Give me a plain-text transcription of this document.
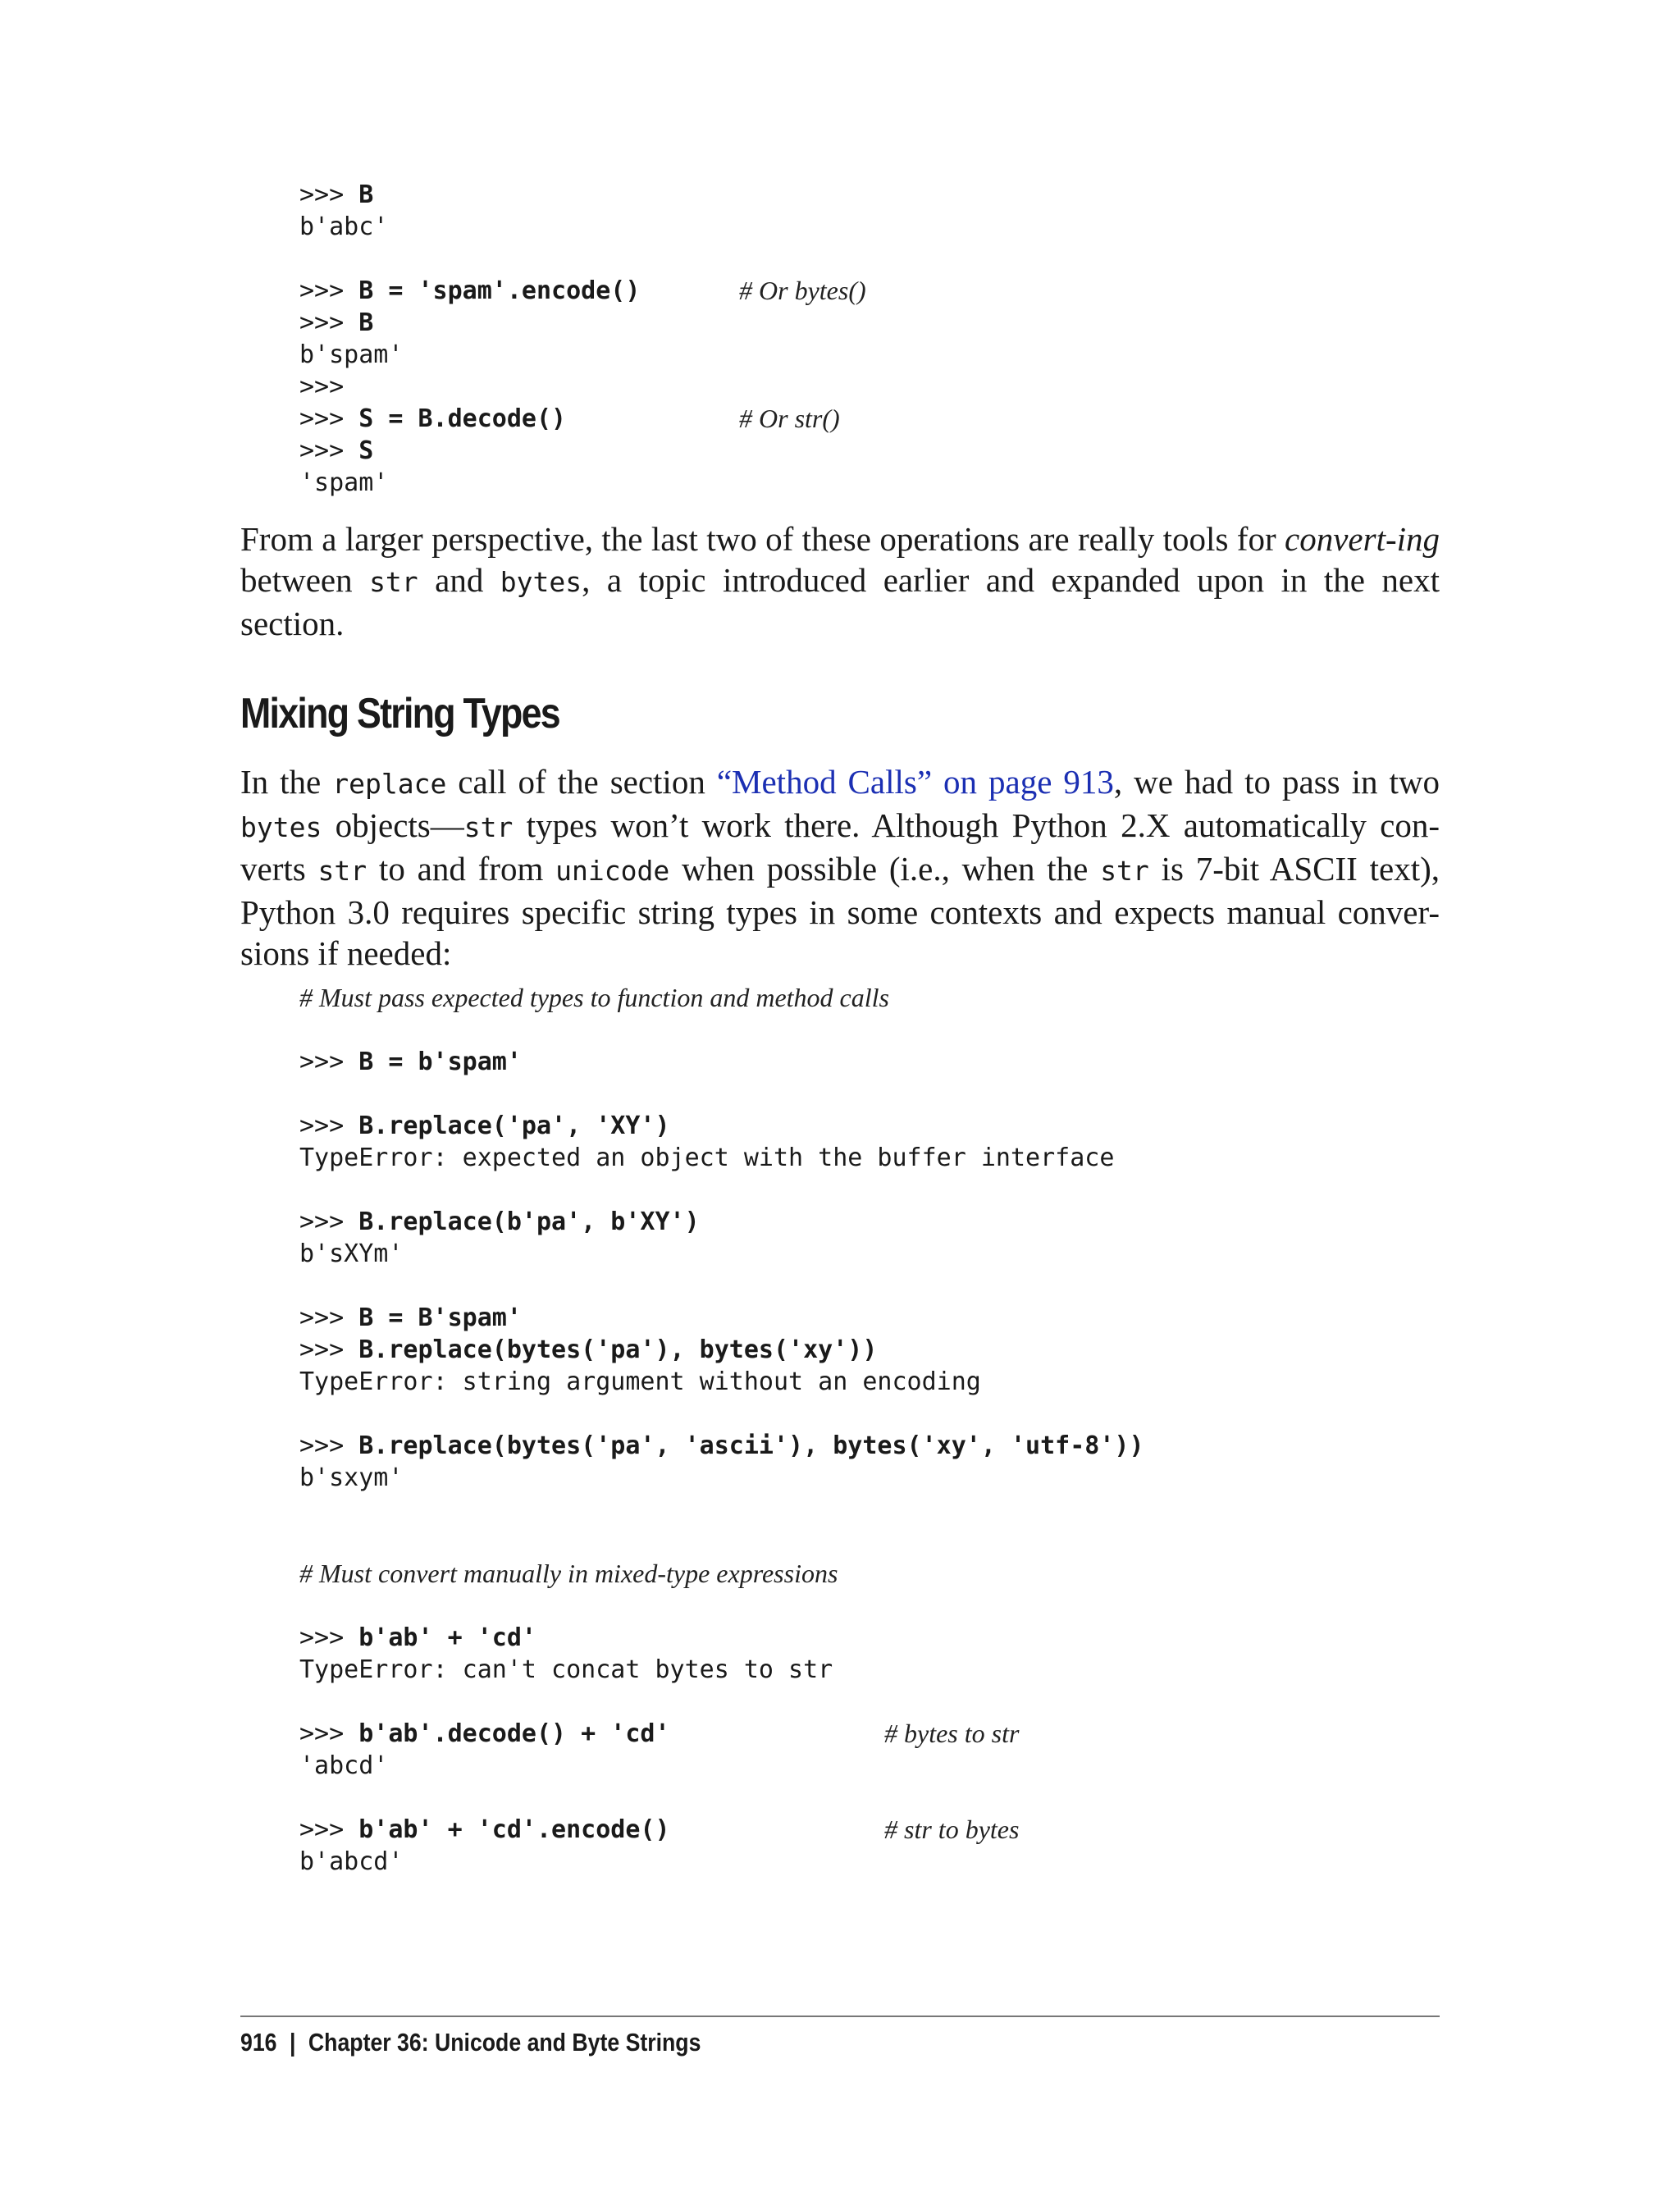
>>> B
b'abc'
>>> B = 'spam'.encode()	# Or bytes()
>>> B
b'spam'
>>>
>>> S = B.decode()	# Or str()
>>> S
'spam'
From a larger perspective, the last two of these operations are really tools for convert-ing between str and bytes, a topic introduced earlier and expanded upon in the next section.
Mixing String Types
In the replace call of the section “Method Calls” on page 913, we had to pass in two bytes objects—str types won’t work there. Although Python 2.X automatically con-verts str to and from unicode when possible (i.e., when the str is 7-bit ASCII text), Python 3.0 requires specific string types in some contexts and expects manual conver-sions if needed:
# Must pass expected types to function and method calls
>>> B = b'spam'
>>> B.replace('pa', 'XY')
TypeError: expected an object with the buffer interface
>>> B.replace(b'pa', b'XY')
b'sXYm'
>>> B = B'spam'
>>> B.replace(bytes('pa'), bytes('xy'))
TypeError: string argument without an encoding
>>> B.replace(bytes('pa', 'ascii'), bytes('xy', 'utf-8'))
b'sxym'
# Must convert manually in mixed-type expressions
>>> b'ab' + 'cd'
TypeError: can't concat bytes to str
>>> b'ab'.decode() + 'cd'	# bytes to str
'abcd'
>>> b'ab' + 'cd'.encode()	# str to bytes
b'abcd'
916 | Chapter 36: Unicode and Byte Strings
